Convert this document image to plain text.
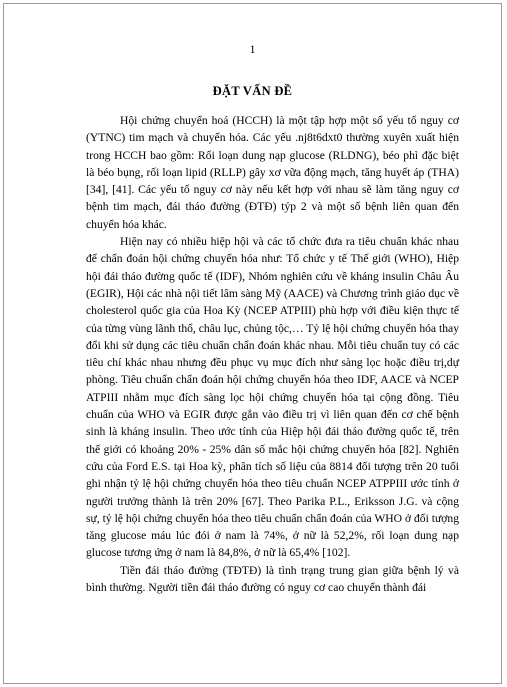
1
ĐẶT VẤN ĐỀ

Hội chứng chuyển hoá (HCCH) là một tập hợp một số yếu tố nguy cơ (YTNC) tim mạch và chuyển hóa. Các yếu .nj8t6dxt0 thường xuyên xuất hiện trong HCCH bao gồm: Rối loạn dung nạp glucose (RLDNG), béo phì đặc biệt là béo bụng, rối loạn lipid (RLLP) gây xơ vữa động mạch, tăng huyết áp (THA) [34], [41]. Các yếu tố nguy cơ này nếu kết hợp với nhau sẽ làm tăng nguy cơ bệnh tim mạch, đái tháo đường (ĐTĐ) týp 2 và một số bệnh liên quan đến chuyển hóa khác.

Hiện nay có nhiều hiệp hội và các tổ chức đưa ra tiêu chuẩn khác nhau để chẩn đoán hội chứng chuyển hóa như: Tổ chức y tế Thế giới (WHO), Hiệp hội đái tháo đường quốc tế (IDF), Nhóm nghiên cứu về kháng insulin Châu Âu (EGIR), Hội các nhà nội tiết lâm sàng Mỹ (AACE) và Chương trình giáo dục về cholesterol quốc gia của Hoa Kỳ (NCEP ATPIII) phù hợp với điều kiện thực tế của từng vùng lãnh thổ, châu lục, chủng tộc,… Tỷ lệ hội chứng chuyển hóa thay đổi khi sử dụng các tiêu chuẩn chẩn đoán khác nhau. Mỗi tiêu chuẩn tuy có các tiêu chí khác nhau nhưng đều phục vụ mục đích như sàng lọc hoặc điều trị,dự phòng. Tiêu chuẩn chẩn đoán hội chứng chuyển hóa theo IDF, AACE và NCEP ATPIII nhằm mục đích sàng lọc hội chứng chuyển hóa tại cộng đồng. Tiêu chuẩn của WHO và EGIR được gắn vào điều trị vì liên quan đến cơ chế bệnh sinh là kháng insulin. Theo ước tính của Hiệp hội đái tháo đường quốc tế, trên thế giới có khoảng 20% - 25% dân số mắc hội chứng chuyển hóa [82]. Nghiên cứu của Ford E.S. tại Hoa kỳ, phân tích số liệu của 8814 đối tượng trên 20 tuổi ghi nhận tỷ lệ hội chứng chuyển hóa theo tiêu chuẩn NCEP ATPPIII ước tính ở người trưởng thành là trên 20% [67]. Theo Parika P.L., Eriksson J.G. và cộng sự, tỷ lệ hội chứng chuyển hóa theo tiêu chuẩn chẩn đoán của WHO ở đối tượng tăng glucose máu lúc đói ở nam là 74%, ở nữ là 52,2%, rối loạn dung nạp glucose tương ứng ở nam là 84,8%, ở nữ là 65,4% [102].

Tiền đái tháo đường (TĐTĐ) là tình trạng trung gian giữa bệnh lý và bình thường. Người tiền đái tháo đường có nguy cơ cao chuyển thành đái
